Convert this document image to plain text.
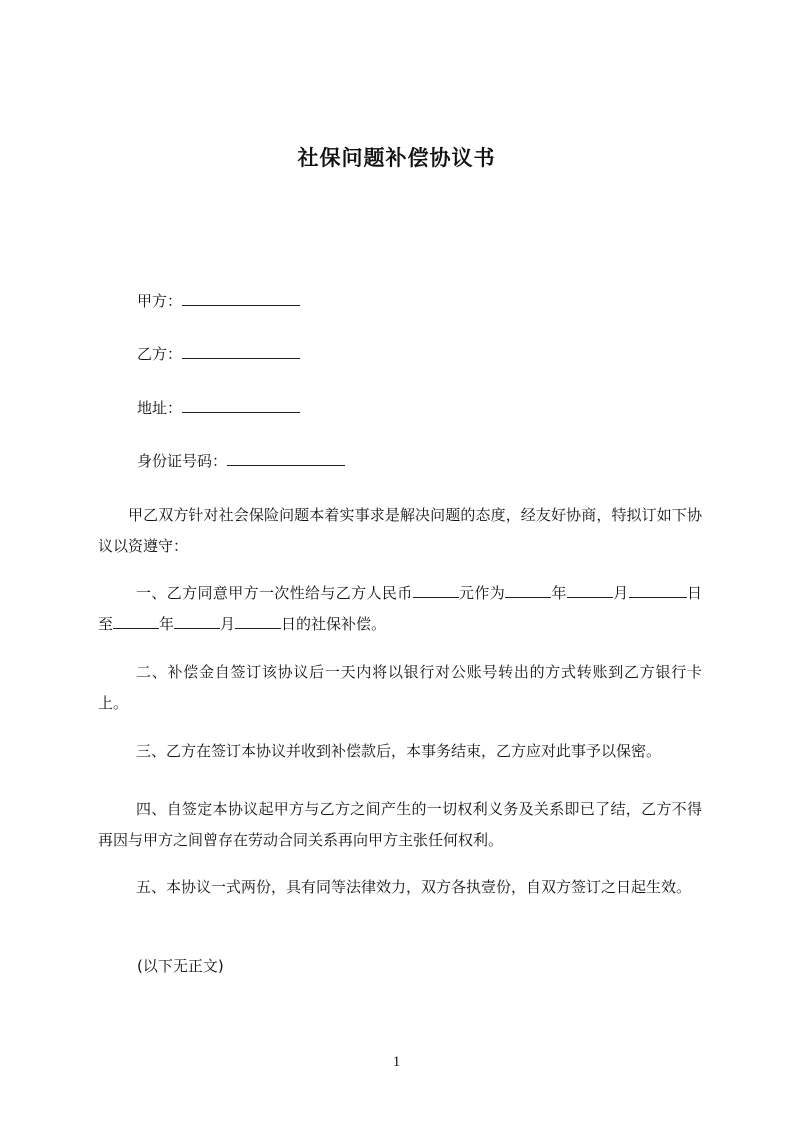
社保问题补偿协议书
甲方：
乙方：
地址：
身份证号码：

甲乙双方针对社会保险问题本着实事求是解决问题的态度，经友好协商，特拟订如下协议以资遵守：

一、乙方同意甲方一次性给与乙方人民币	元作为	年	月	日至	年	月	日的社保补偿。

二、补偿金自签订该协议后一天内将以银行对公账号转出的方式转账到乙方银行卡上。

三、乙方在签订本协议并收到补偿款后，本事务结束，乙方应对此事予以保密。

四、自签定本协议起甲方与乙方之间产生的一切权利义务及关系即已了结，乙方不得再因与甲方之间曾存在劳动合同关系再向甲方主张任何权利。

五、本协议一式两份，具有同等法律效力，双方各执壹份，自双方签订之日起生效。

(以下无正文)
1
